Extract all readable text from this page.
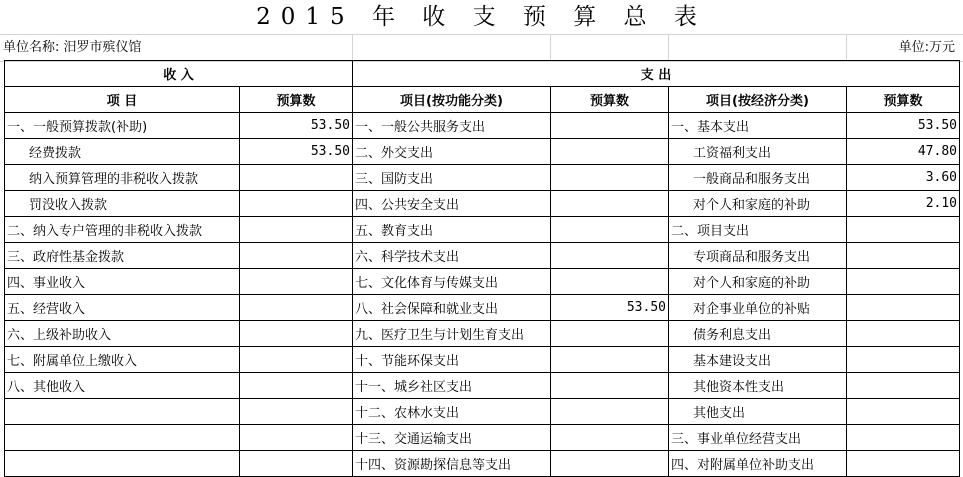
2015 年 收 支 预 算 总 表
单位名称: 汨罗市殡仪馆	单位:万元
收 入		支 出			
项 目	预算数	项目(按功能分类)	预算数	项目(按经济分类)	预算数
一、一般预算拨款(补助)	53.50	一、一般公共服务支出		一、基本支出	53.50
经费拨款	53.50	二、外交支出		工资福利支出	47.80
纳入预算管理的非税收入拨款		三、国防支出		一般商品和服务支出	3.60
罚没收入拨款		四、公共安全支出		对个人和家庭的补助	2.10
二、纳入专户管理的非税收入拨款		五、教育支出		二、项目支出	
三、政府性基金拨款		六、科学技术支出		专项商品和服务支出	
四、事业收入		七、文化体育与传媒支出		对个人和家庭的补助	
五、经营收入		八、社会保障和就业支出	53.50	对企事业单位的补贴	
六、上级补助收入		九、医疗卫生与计划生育支出		债务利息支出	
七、附属单位上缴收入		十、节能环保支出		基本建设支出	
八、其他收入		十一、城乡社区支出		其他资本性支出	
		十二、农林水支出		其他支出	
		十三、交通运输支出		三、事业单位经营支出	
		十四、资源勘探信息等支出		四、对附属单位补助支出	
